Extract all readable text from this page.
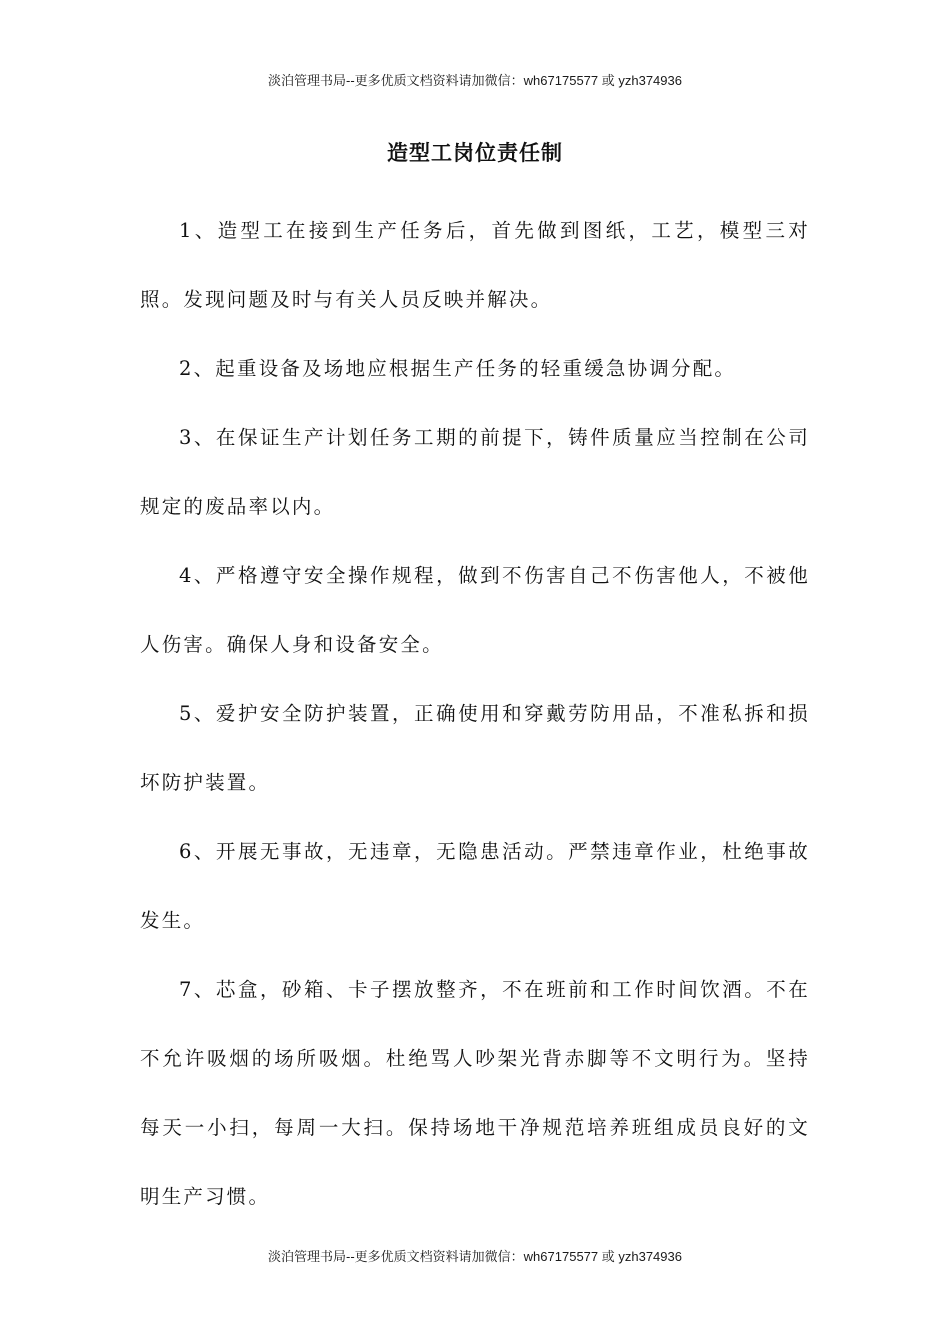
淡泊管理书局--更多优质文档资料请加微信：wh67175577 或 yzh374936
造型工岗位责任制

1、造型工在接到生产任务后，首先做到图纸，工艺，模型三对照。发现问题及时与有关人员反映并解决。

2、起重设备及场地应根据生产任务的轻重缓急协调分配。

3、在保证生产计划任务工期的前提下，铸件质量应当控制在公司规定的废品率以内。

4、严格遵守安全操作规程，做到不伤害自己不伤害他人，不被他人伤害。确保人身和设备安全。

5、爱护安全防护装置，正确使用和穿戴劳防用品，不准私拆和损坏防护装置。

6、开展无事故，无违章，无隐患活动。严禁违章作业，杜绝事故发生。

7、芯盒，砂箱、卡子摆放整齐，不在班前和工作时间饮酒。不在不允许吸烟的场所吸烟。杜绝骂人吵架光背赤脚等不文明行为。坚持每天一小扫，每周一大扫。保持场地干净规范培养班组成员良好的文明生产习惯。

淡泊管理书局--更多优质文档资料请加微信：wh67175577 或 yzh374936
